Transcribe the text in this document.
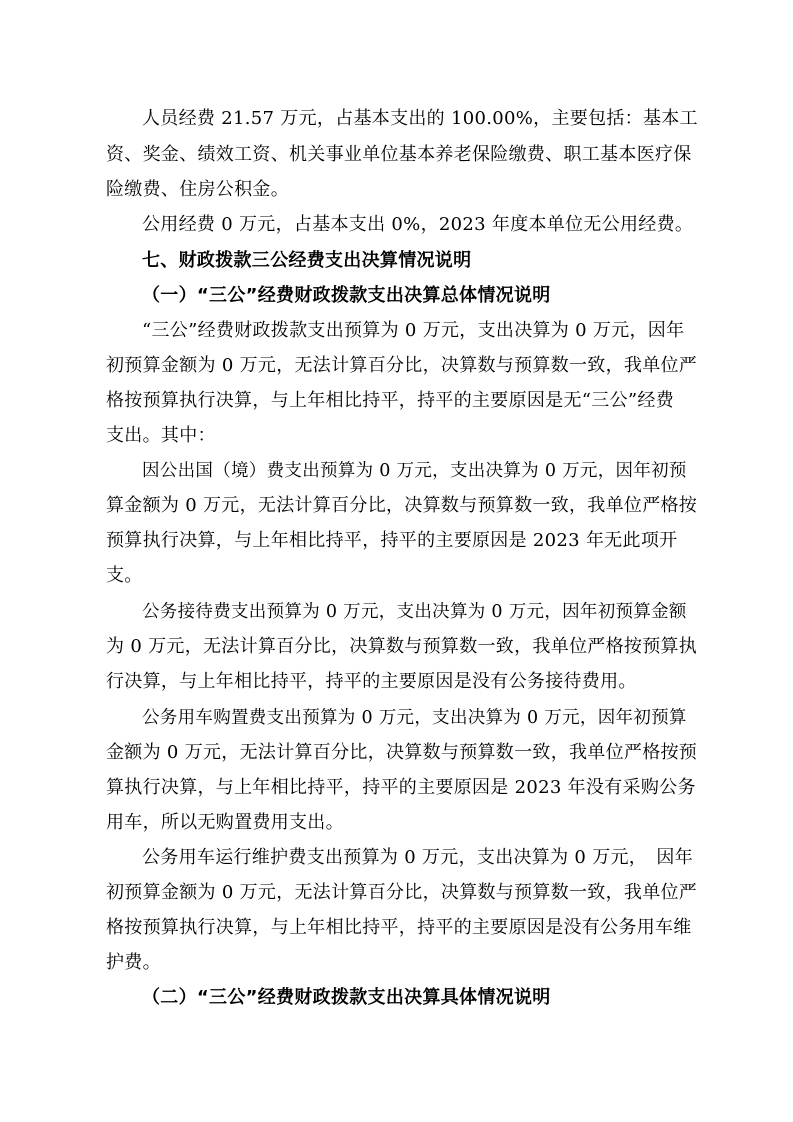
人员经费 21.57 万元，占基本支出的 100.00%，主要包括：基本工
资、奖金、绩效工资、机关事业单位基本养老保险缴费、职工基本医疗保
险缴费、住房公积金。
公用经费 0 万元，占基本支出 0%，2023 年度本单位无公用经费。
七、财政拨款三公经费支出决算情况说明
（一）“三公”经费财政拨款支出决算总体情况说明
“三公”经费财政拨款支出预算为 0 万元，支出决算为 0 万元，因年
初预算金额为 0 万元，无法计算百分比，决算数与预算数一致，我单位严
格按预算执行决算，与上年相比持平，持平的主要原因是无“三公”经费
支出。其中：
因公出国（境）费支出预算为 0 万元，支出决算为 0 万元，因年初预
算金额为 0 万元，无法计算百分比，决算数与预算数一致，我单位严格按
预算执行决算，与上年相比持平，持平的主要原因是 2023 年无此项开
支。
公务接待费支出预算为 0 万元，支出决算为 0 万元，因年初预算金额
为 0 万元，无法计算百分比，决算数与预算数一致，我单位严格按预算执
行决算，与上年相比持平，持平的主要原因是没有公务接待费用。
公务用车购置费支出预算为 0 万元，支出决算为 0 万元，因年初预算
金额为 0 万元，无法计算百分比，决算数与预算数一致，我单位严格按预
算执行决算，与上年相比持平，持平的主要原因是 2023 年没有采购公务
用车，所以无购置费用支出。
公务用车运行维护费支出预算为 0 万元，支出决算为 0 万元，　因年
初预算金额为 0 万元，无法计算百分比，决算数与预算数一致，我单位严
格按预算执行决算，与上年相比持平，持平的主要原因是没有公务用车维
护费。
（二）“三公”经费财政拨款支出决算具体情况说明
